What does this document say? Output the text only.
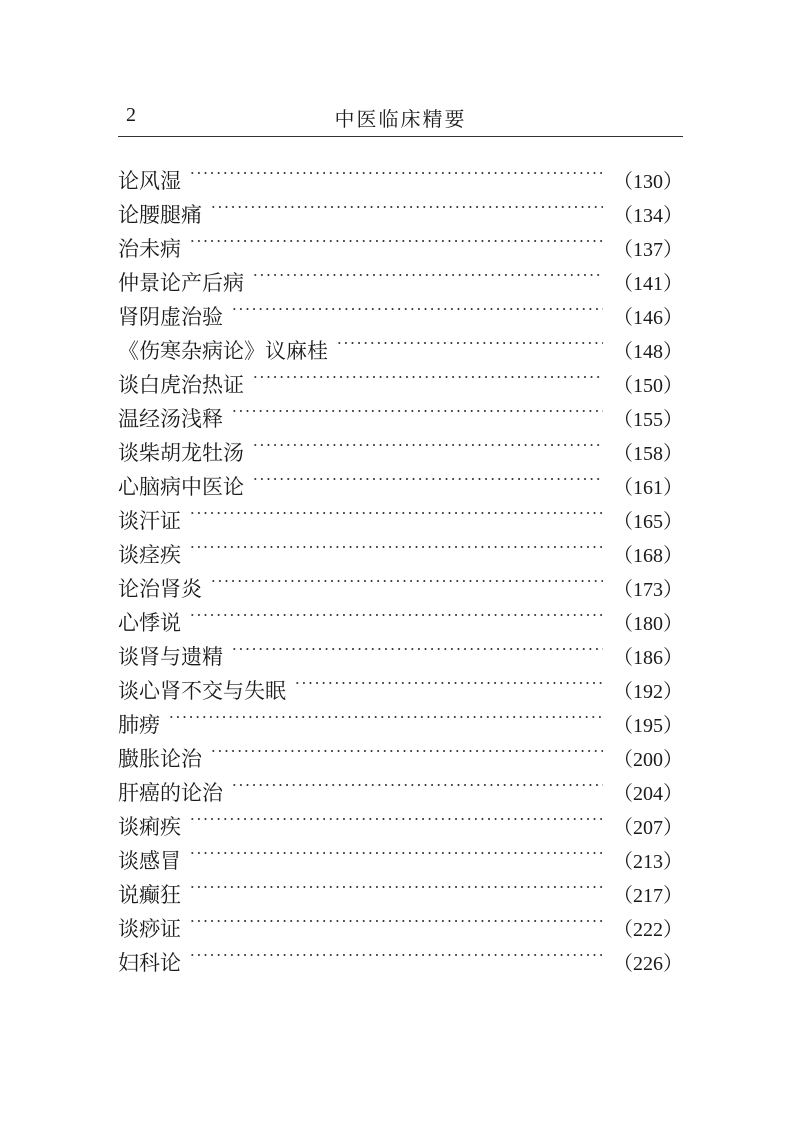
2	中医临床精要
论风湿	（130）
论腰腿痛	（134）
治未病	（137）
仲景论产后病	（141）
肾阴虚治验	（146）
《伤寒杂病论》议麻桂	（148）
谈白虎治热证	（150）
温经汤浅释	（155）
谈柴胡龙牡汤	（158）
心脑病中医论	（161）
谈汗证	（165）
谈痉疾	（168）
论治肾炎	（173）
心悸说	（180）
谈肾与遗精	（186）
谈心肾不交与失眠	（192）
肺痨	（195）
臌胀论治	（200）
肝癌的论治	（204）
谈痢疾	（207）
谈感冒	（213）
说癫狂	（217）
谈痧证	（222）
妇科论	（226）
